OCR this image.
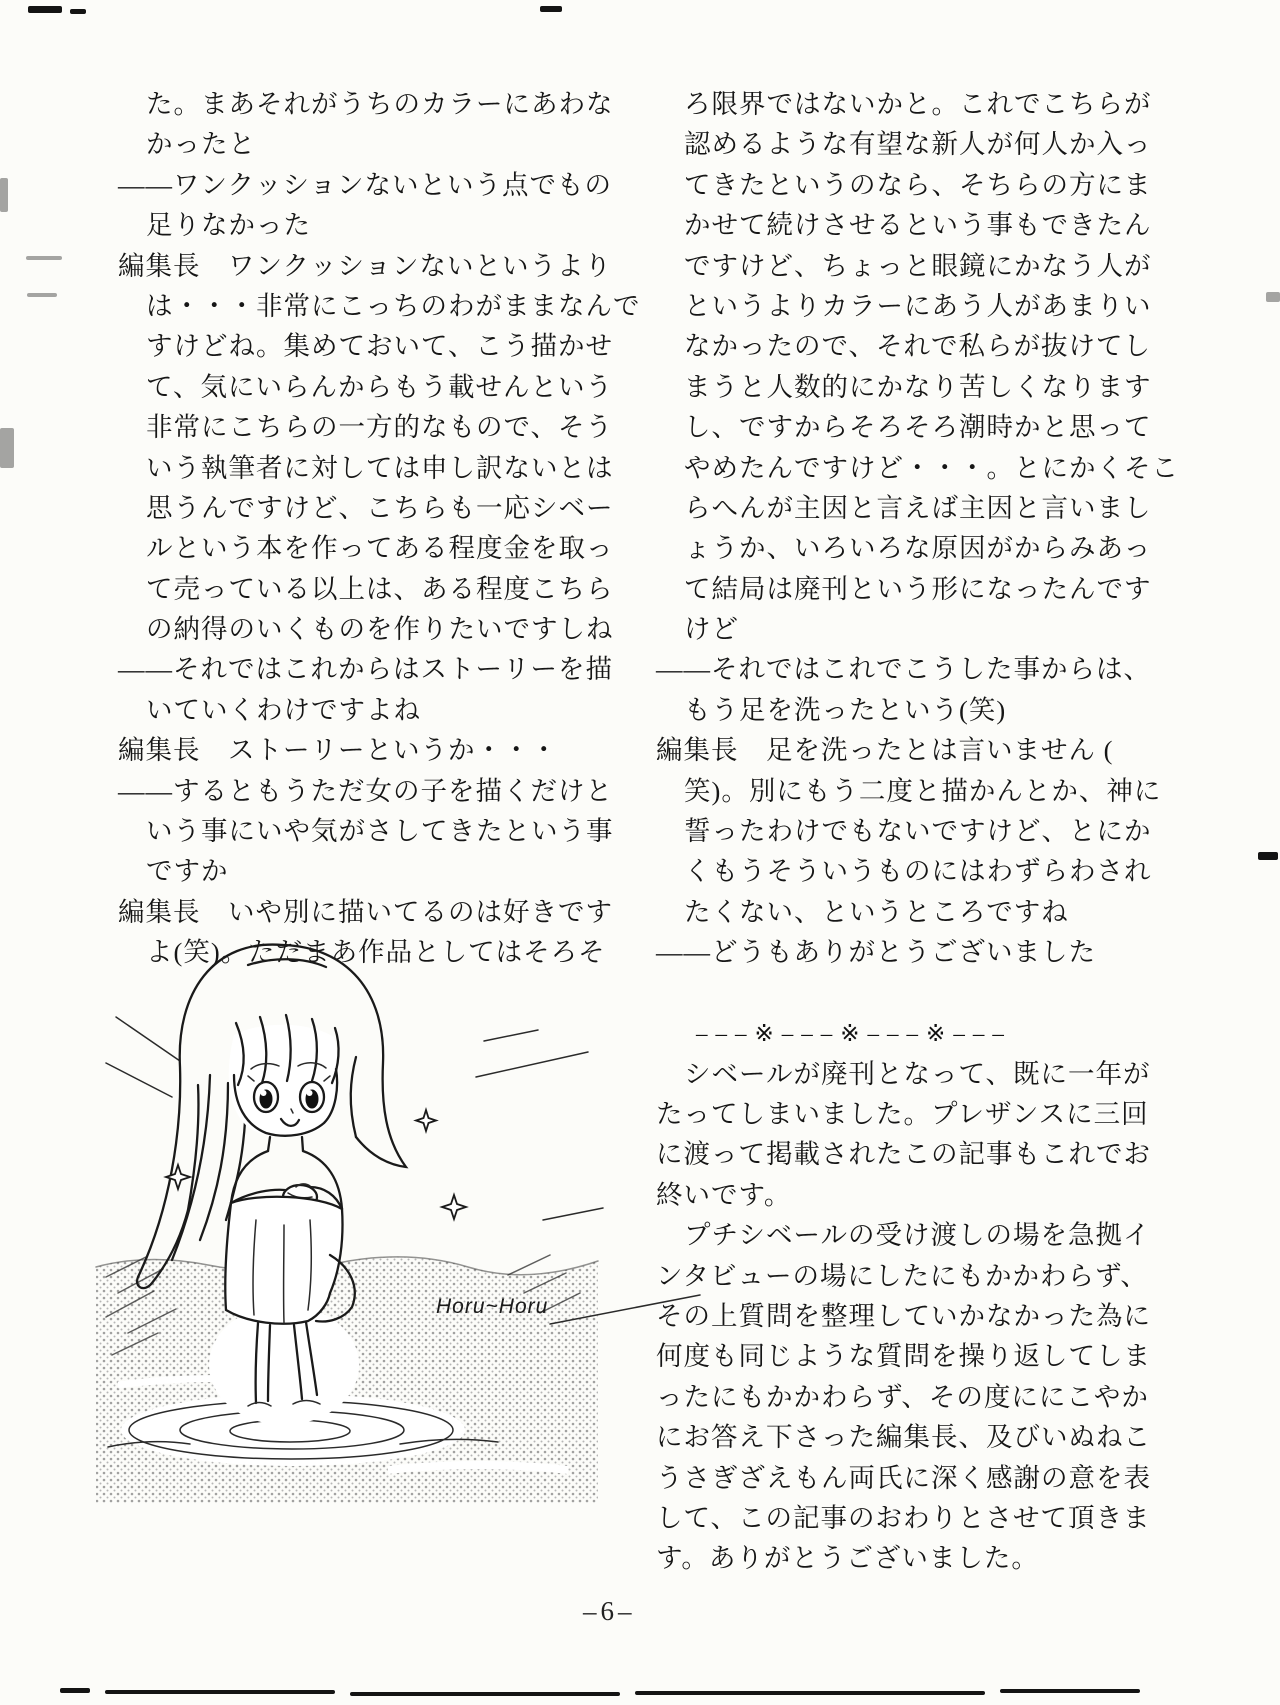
た。まあそれがうちのカラーにあわな
かったと
――ワンクッションないという点でもの
足りなかった
編集長　ワンクッションないというより
は・・・非常にこっちのわがままなんで
すけどね。集めておいて、こう描かせ
て、気にいらんからもう載せんという
非常にこちらの一方的なもので、そう
いう執筆者に対しては申し訳ないとは
思うんですけど、こちらも一応シベー
ルという本を作ってある程度金を取っ
て売っている以上は、ある程度こちら
の納得のいくものを作りたいですしね
――それではこれからはストーリーを描
いていくわけですよね
編集長　ストーリーというか・・・
――するともうただ女の子を描くだけと
いう事にいや気がさしてきたという事
ですか
編集長　いや別に描いてるのは好きです
よ(笑)。ただまあ作品としてはそろそ
ろ限界ではないかと。これでこちらが
認めるような有望な新人が何人か入っ
てきたというのなら、そちらの方にま
かせて続けさせるという事もできたん
ですけど、ちょっと眼鏡にかなう人が
というよりカラーにあう人があまりい
なかったので、それで私らが抜けてし
まうと人数的にかなり苦しくなります
し、ですからそろそろ潮時かと思って
やめたんですけど・・・。とにかくそこ
らへんが主因と言えば主因と言いまし
ょうか、いろいろな原因がからみあっ
て結局は廃刊という形になったんです
けど
――それではこれでこうした事からは、
もう足を洗ったという(笑)
編集長　足を洗ったとは言いません (
笑)。別にもう二度と描かんとか、神に
誓ったわけでもないですけど、とにか
くもうそういうものにはわずらわされ
たくない、というところですね
――どうもありがとうございました
–––※–––※–––※–––
シベールが廃刊となって、既に一年が
たってしまいました。プレザンスに三回
に渡って掲載されたこの記事もこれでお
終いです。
プチシベールの受け渡しの場を急拠イ
ンタビューの場にしたにもかかわらず、
その上質問を整理していかなかった為に
何度も同じような質問を操り返してしま
ったにもかかわらず、その度ににこやか
にお答え下さった編集長、及びいぬねこ
うさぎざえもん両氏に深く感謝の意を表
して、この記事のおわりとさせて頂きま
す。ありがとうございました。
Horu~Horu
–6–
